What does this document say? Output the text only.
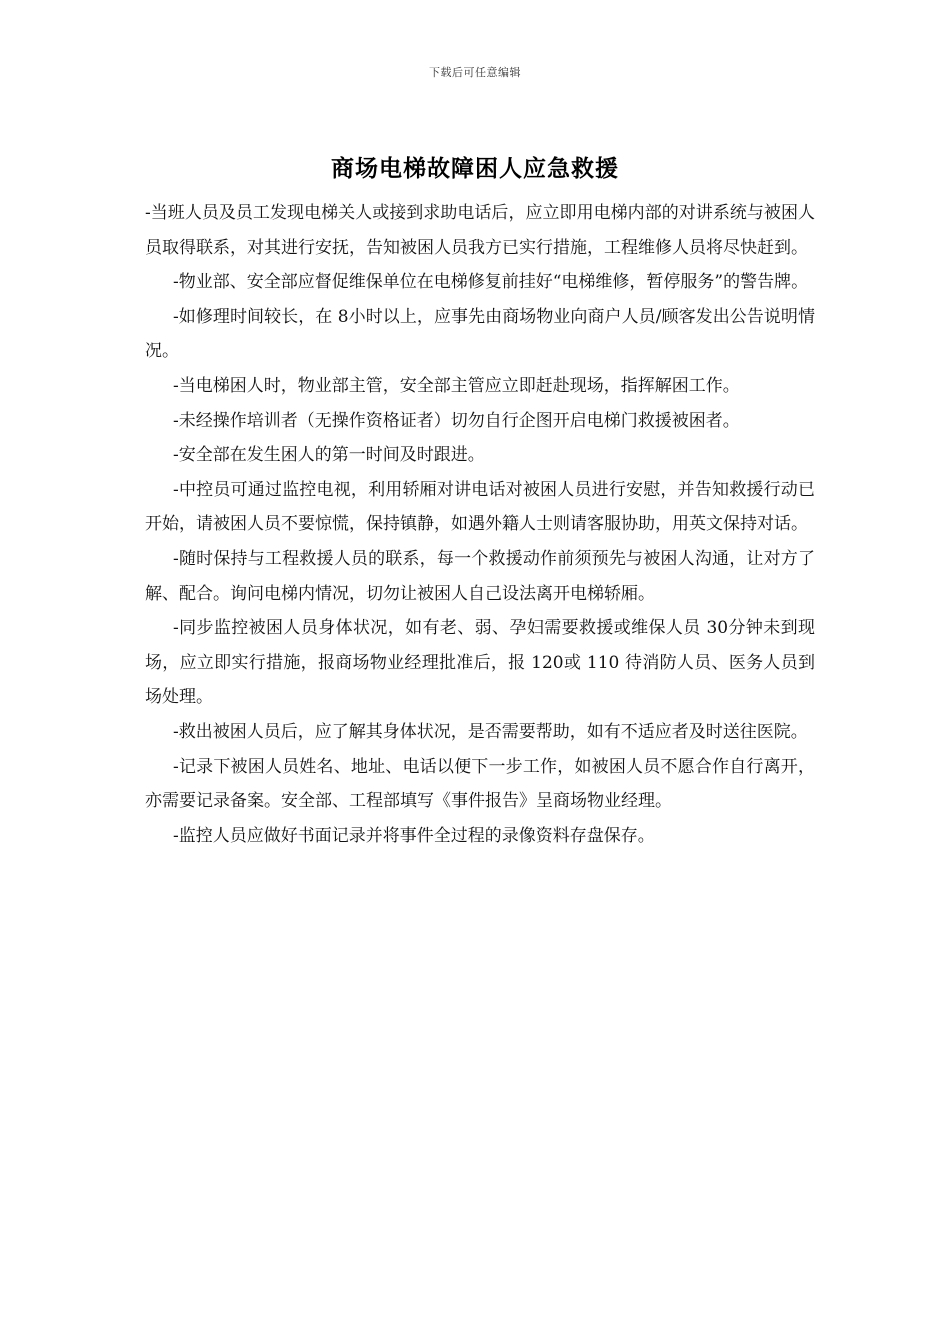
下载后可任意编辑
商场电梯故障困人应急救援

-当班人员及员工发现电梯关人或接到求助电话后，应立即用电梯内部的对讲系统与被困人员取得联系，对其进行安抚，告知被困人员我方已实行措施，工程维修人员将尽快赶到。

-物业部、安全部应督促维保单位在电梯修复前挂好“电梯维修，暂停服务”的警告牌。

-如修理时间较长，在 8小时以上，应事先由商场物业向商户人员/顾客发出公告说明情况。

-当电梯困人时，物业部主管，安全部主管应立即赶赴现场，指挥解困工作。

-未经操作培训者（无操作资格证者）切勿自行企图开启电梯门救援被困者。

-安全部在发生困人的第一时间及时跟进。

-中控员可通过监控电视，利用轿厢对讲电话对被困人员进行安慰，并告知救援行动已开始，请被困人员不要惊慌，保持镇静，如遇外籍人士则请客服协助，用英文保持对话。

-随时保持与工程救援人员的联系，每一个救援动作前须预先与被困人沟通，让对方了解、配合。询问电梯内情况，切勿让被困人自己设法离开电梯轿厢。

-同步监控被困人员身体状况，如有老、弱、孕妇需要救援或维保人员 30分钟未到现场，应立即实行措施，报商场物业经理批准后，报 120或 110 待消防人员、医务人员到场处理。

-救出被困人员后，应了解其身体状况，是否需要帮助，如有不适应者及时送往医院。

-记录下被困人员姓名、地址、电话以便下一步工作，如被困人员不愿合作自行离开，亦需要记录备案。安全部、工程部填写《事件报告》呈商场物业经理。

-监控人员应做好书面记录并将事件全过程的录像资料存盘保存。
